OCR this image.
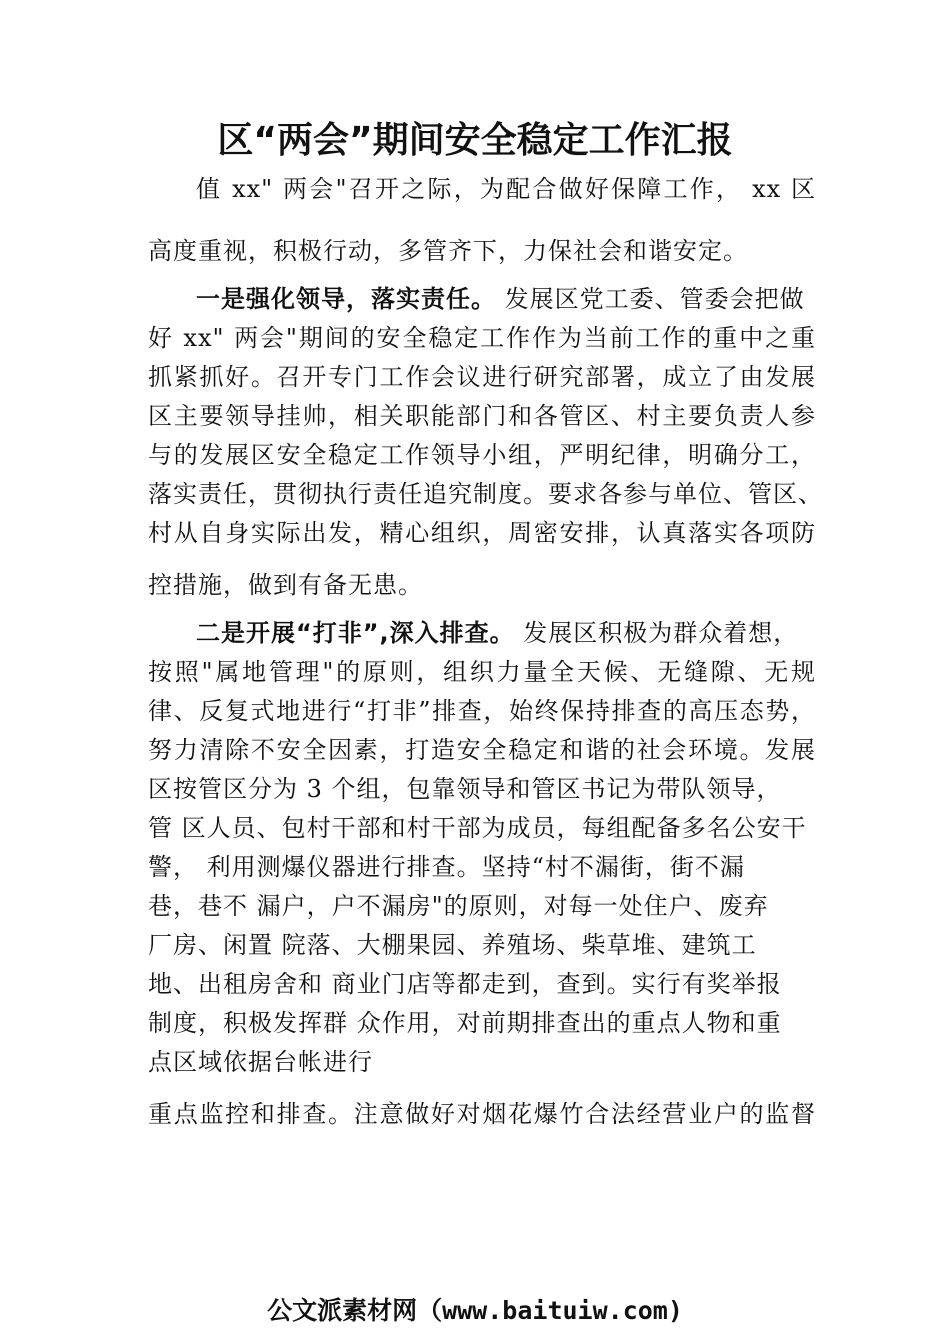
区“两会”期间安全稳定工作汇报

值 xx" 两会"召开之际，为配合做好保障工作， xx 区

高度重视，积极行动，多管齐下，力保社会和谐安定。

一是强化领导，落实责任。 发展区党工委、管委会把做

好 xx" 两会"期间的安全稳定工作作为当前工作的重中之重

抓紧抓好。召开专门工作会议进行研究部署，成立了由发展

区主要领导挂帅，相关职能部门和各管区、村主要负责人参

与的发展区安全稳定工作领导小组，严明纪律，明确分工，

落实责任，贯彻执行责任追究制度。要求各参与单位、管区、

村从自身实际出发，精心组织，周密安排，认真落实各项防

控措施，做到有备无患。

二是开展“打非”,深入排查。 发展区积极为群众着想，

按照"属地管理"的原则，组织力量全天候、无缝隙、无规

律、反复式地进行“打非”排查，始终保持排查的高压态势，

努力清除不安全因素，打造安全稳定和谐的社会环境。发展

区按管区分为 3 个组，包靠领导和管区书记为带队领导，

管 区人员、包村干部和村干部为成员，每组配备多名公安干

警， 利用测爆仪器进行排查。坚持“村不漏街，街不漏

巷，巷不 漏户，户不漏房"的原则，对每一处住户、废弃

厂房、闲置 院落、大棚果园、养殖场、柴草堆、建筑工

地、出租房舍和 商业门店等都走到，查到。实行有奖举报

制度，积极发挥群 众作用，对前期排查出的重点人物和重

点区域依据台帐进行

重点监控和排查。注意做好对烟花爆竹合法经营业户的监督

公文派素材网（www.baituiw.com)
